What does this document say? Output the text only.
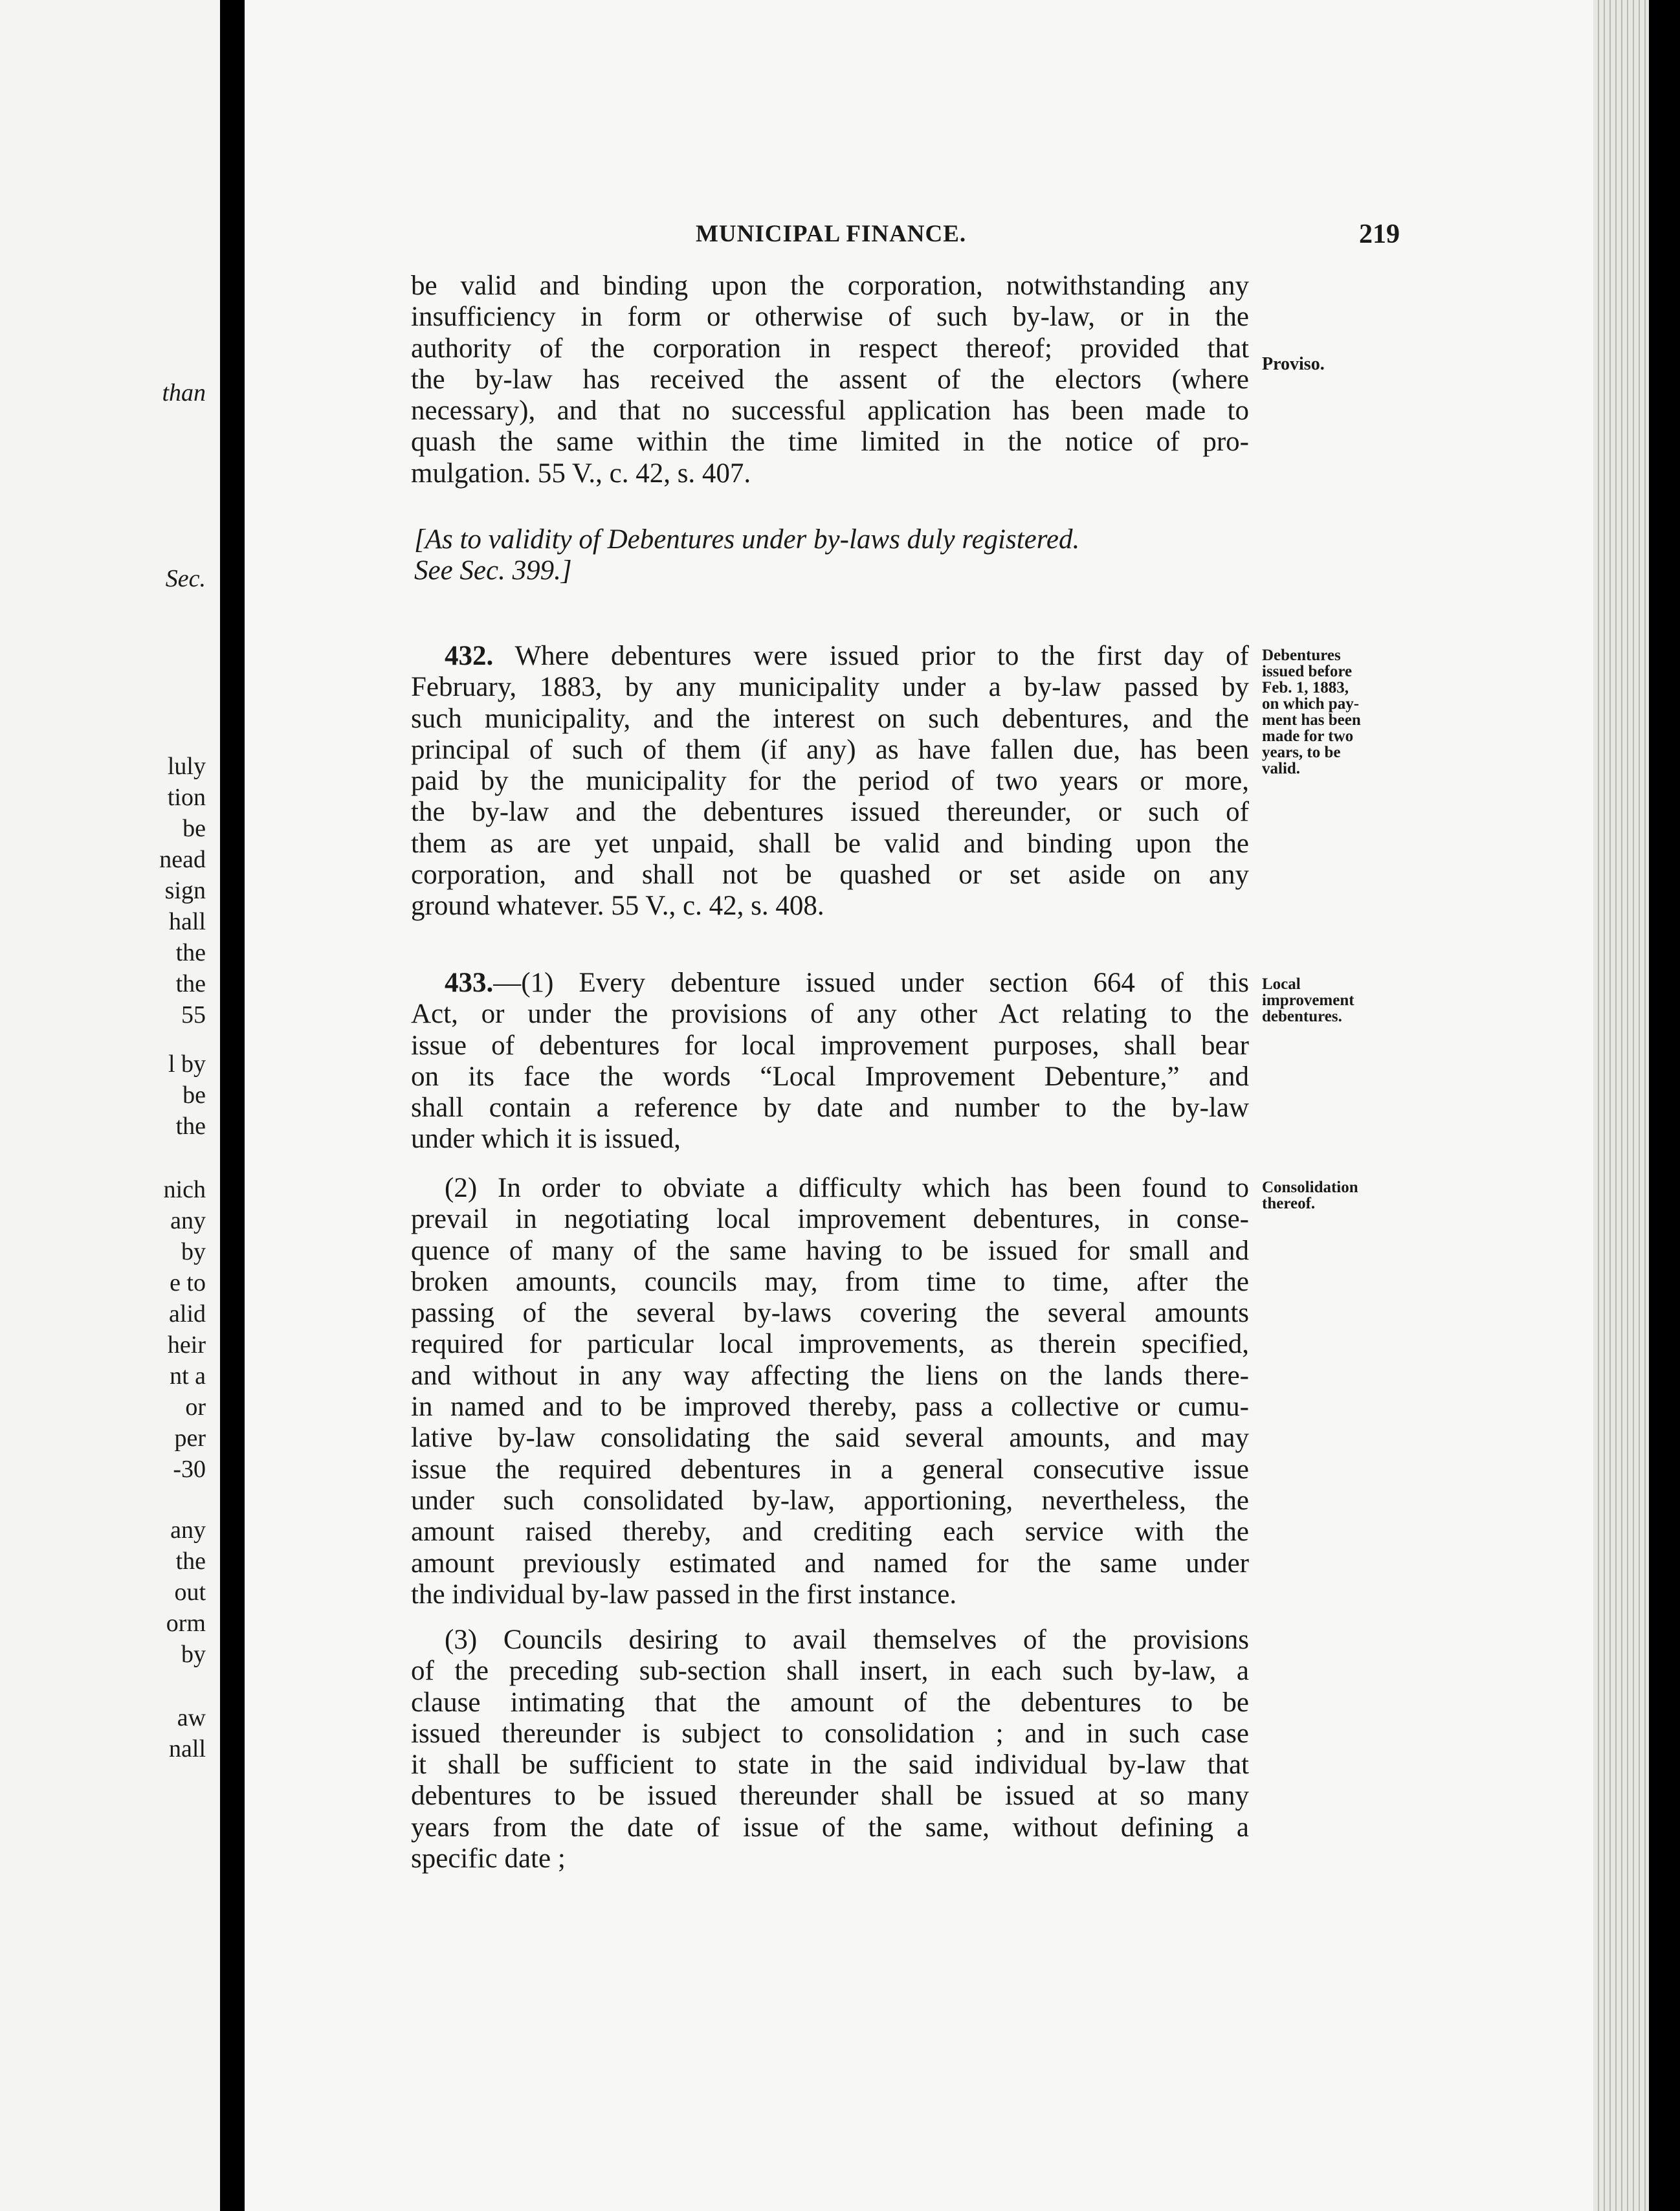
than
Sec.
luly
tion
be
nead
sign
hall
the
the
55
l by
be
the
nich
any
by
e to
alid
heir
nt a
or
per
-30
any
the
out
orm
by
aw
nall
MUNICIPAL FINANCE.	219
be valid and binding upon the corporation, notwithstanding any
insufficiency in form or otherwise of such by-law, or in the
authority of the corporation in respect thereof; provided that
the by-law has received the assent of the electors (where
necessary), and that no successful application has been made to
quash the same within the time limited in the notice of pro-
mulgation. 55 V., c. 42, s. 407.
[As to validity of Debentures under by-laws duly registered.
See Sec. 399.]
432. Where debentures were issued prior to the first day of
February, 1883, by any municipality under a by-law passed by
such municipality, and the interest on such debentures, and the
principal of such of them (if any) as have fallen due, has been
paid by the municipality for the period of two years or more,
the by-law and the debentures issued thereunder, or such of
them as are yet unpaid, shall be valid and binding upon the
corporation, and shall not be quashed or set aside on any
ground whatever. 55 V., c. 42, s. 408.
433.—(1) Every debenture issued under section 664 of this
Act, or under the provisions of any other Act relating to the
issue of debentures for local improvement purposes, shall bear
on its face the words “Local Improvement Debenture,” and
shall contain a reference by date and number to the by-law
under which it is issued,
(2) In order to obviate a difficulty which has been found to
prevail in negotiating local improvement debentures, in conse-
quence of many of the same having to be issued for small and
broken amounts, councils may, from time to time, after the
passing of the several by-laws covering the several amounts
required for particular local improvements, as therein specified,
and without in any way affecting the liens on the lands there-
in named and to be improved thereby, pass a collective or cumu-
lative by-law consolidating the said several amounts, and may
issue the required debentures in a general consecutive issue
under such consolidated by-law, apportioning, nevertheless, the
amount raised thereby, and crediting each service with the
amount previously estimated and named for the same under
the individual by-law passed in the first instance.
(3) Councils desiring to avail themselves of the provisions
of the preceding sub-section shall insert, in each such by-law, a
clause intimating that the amount of the debentures to be
issued thereunder is subject to consolidation ; and in such case
it shall be sufficient to state in the said individual by-law that
debentures to be issued thereunder shall be issued at so many
years from the date of issue of the same, without defining a
specific date ;
Proviso.
Debentures
issued before
Feb. 1, 1883,
on which pay-
ment has been
made for two
years, to be
valid.
Local
improvement
debentures.
Consolidation
thereof.
